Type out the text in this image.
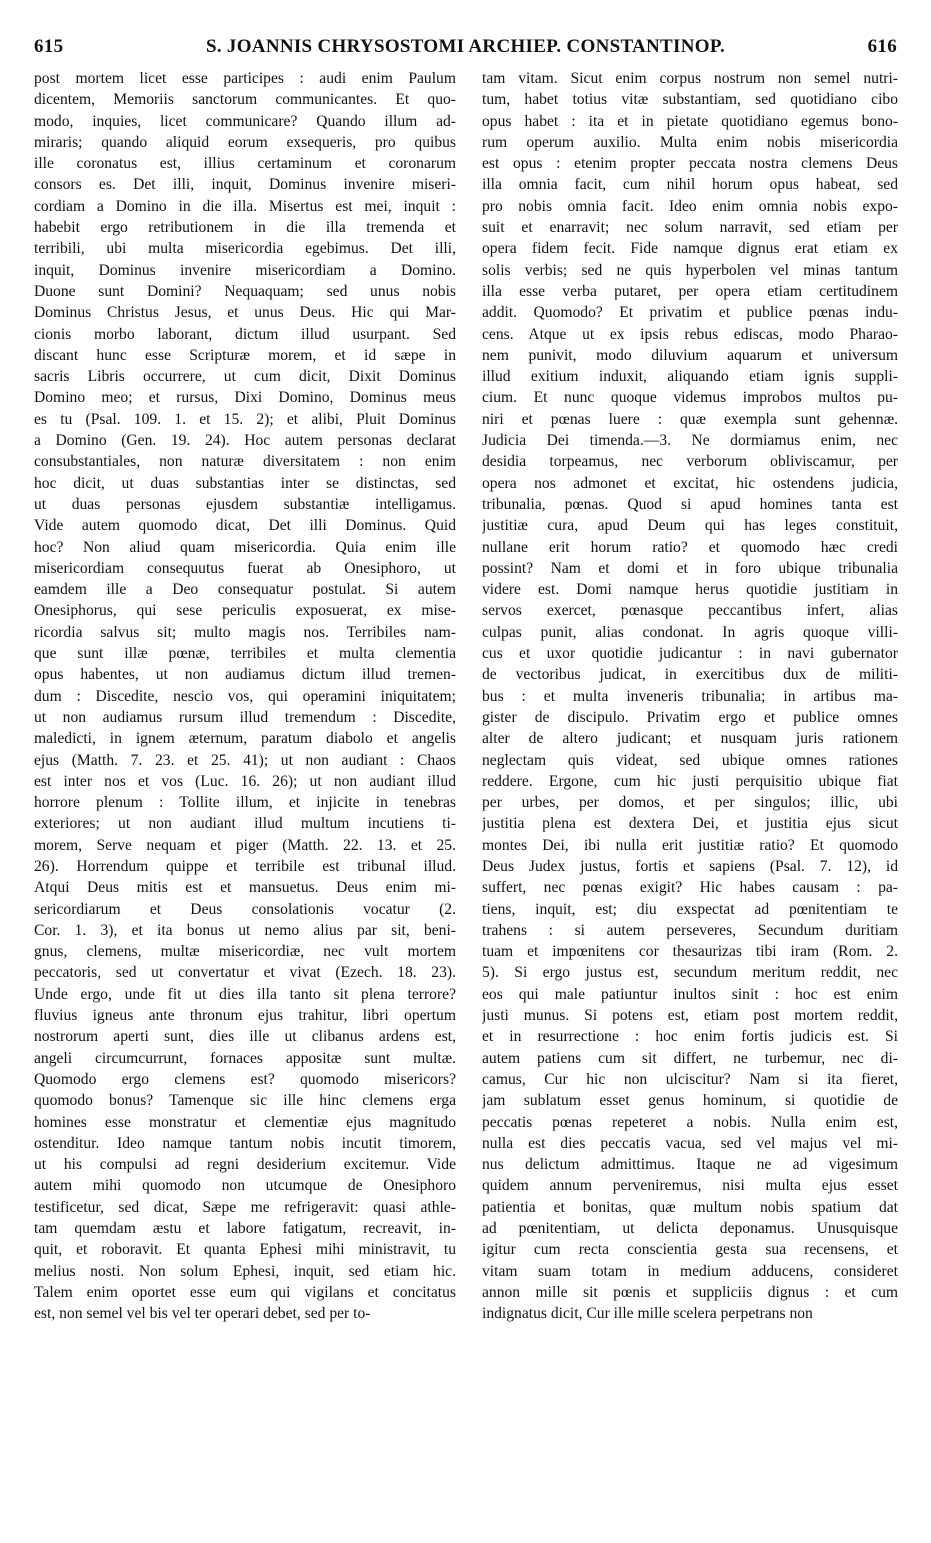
615	S. JOANNIS CHRYSOSTOMI ARCHIEP. CONSTANTINOP.	616
post mortem licet esse participes : audi enim Paulum
dicentem, Memoriis sanctorum communicantes. Et quo-
modo, inquies, licet communicare? Quando illum ad-
miraris; quando aliquid eorum exsequeris, pro quibus
ille coronatus est, illius certaminum et coronarum
consors es. Det illi, inquit, Dominus invenire miseri-
cordiam a Domino in die illa. Misertus est mei, inquit :
habebit ergo retributionem in die illa tremenda et
terribili, ubi multa misericordia egebimus. Det illi,
inquit, Dominus invenire misericordiam a Domino.
Duone sunt Domini? Nequaquam; sed unus nobis
Dominus Christus Jesus, et unus Deus. Hic qui Mar-
cionis morbo laborant, dictum illud usurpant. Sed
discant hunc esse Scripturæ morem, et id sæpe in
sacris Libris occurrere, ut cum dicit, Dixit Dominus
Domino meo; et rursus, Dixi Domino, Dominus meus
es tu (Psal. 109. 1. et 15. 2); et alibi, Pluit Dominus
a Domino (Gen. 19. 24). Hoc autem personas declarat
consubstantiales, non naturæ diversitatem : non enim
hoc dicit, ut duas substantias inter se distinctas, sed
ut duas personas ejusdem substantiæ intelligamus.
Vide autem quomodo dicat, Det illi Dominus. Quid
hoc? Non aliud quam misericordia. Quia enim ille
misericordiam consequutus fuerat ab Onesiphoro, ut
eamdem ille a Deo consequatur postulat. Si autem
Onesiphorus, qui sese periculis exposuerat, ex mise-
ricordia salvus sit; multo magis nos. Terribiles nam-
que sunt illæ pœnæ, terribiles et multa clementia
opus habentes, ut non audiamus dictum illud tremen-
dum : Discedite, nescio vos, qui operamini iniquitatem;
ut non audiamus rursum illud tremendum : Discedite,
maledicti, in ignem æternum, paratum diabolo et angelis
ejus (Matth. 7. 23. et 25. 41); ut non audiant : Chaos
est inter nos et vos (Luc. 16. 26); ut non audiant illud
horrore plenum : Tollite illum, et injicite in tenebras
exteriores; ut non audiant illud multum incutiens ti-
morem, Serve nequam et piger (Matth. 22. 13. et 25.
26). Horrendum quippe et terribile est tribunal illud.
Atqui Deus mitis est et mansuetus. Deus enim mi-
sericordiarum et Deus consolationis vocatur (2.
Cor. 1. 3), et ita bonus ut nemo alius par sit, beni-
gnus, clemens, multæ misericordiæ, nec vult mortem
peccatoris, sed ut convertatur et vivat (Ezech. 18. 23).
Unde ergo, unde fit ut dies illa tanto sit plena terrore?
fluvius igneus ante thronum ejus trahitur, libri opertum
nostrorum aperti sunt, dies ille ut clibanus ardens est,
angeli circumcurrunt, fornaces appositæ sunt multæ.
Quomodo ergo clemens est? quomodo misericors?
quomodo bonus? Tamenque sic ille hinc clemens erga
homines esse monstratur et clementiæ ejus magnitudo
ostenditur. Ideo namque tantum nobis incutit timorem,
ut his compulsi ad regni desiderium excitemur. Vide
autem mihi quomodo non utcumque de Onesiphoro
testificetur, sed dicat, Sæpe me refrigeravit: quasi athle-
tam quemdam æstu et labore fatigatum, recreavit, in-
quit, et roboravit. Et quanta Ephesi mihi ministravit, tu
melius nosti. Non solum Ephesi, inquit, sed etiam hic.
Talem enim oportet esse eum qui vigilans et concitatus
est, non semel vel bis vel ter operari debet, sed per to-
tam vitam. Sicut enim corpus nostrum non semel nutri-
tum, habet totius vitæ substantiam, sed quotidiano cibo
opus habet : ita et in pietate quotidiano egemus bono-
rum operum auxilio. Multa enim nobis misericordia
est opus : etenim propter peccata nostra clemens Deus
illa omnia facit, cum nihil horum opus habeat, sed
pro nobis omnia facit. Ideo enim omnia nobis expo-
suit et enarravit; nec solum narravit, sed etiam per
opera fidem fecit. Fide namque dignus erat etiam ex
solis verbis; sed ne quis hyperbolen vel minas tantum
illa esse verba putaret, per opera etiam certitudinem
addit. Quomodo? Et privatim et publice pœnas indu-
cens. Atque ut ex ipsis rebus ediscas, modo Pharao-
nem punivit, modo diluvium aquarum et universum
illud exitium induxit, aliquando etiam ignis suppli-
cium. Et nunc quoque videmus improbos multos pu-
niri et pœnas luere : quæ exempla sunt gehennæ.
Judicia Dei timenda.—3. Ne dormiamus enim, nec
desidia torpeamus, nec verborum obliviscamur, per
opera nos admonet et excitat, hic ostendens judicia,
tribunalia, pœnas. Quod si apud homines tanta est
justitiæ cura, apud Deum qui has leges constituit,
nullane erit horum ratio? et quomodo hæc credi
possint? Nam et domi et in foro ubique tribunalia
videre est. Domi namque herus quotidie justitiam in
servos exercet, pœnasque peccantibus infert, alias
culpas punit, alias condonat. In agris quoque villi-
cus et uxor quotidie judicantur : in navi gubernator
de vectoribus judicat, in exercitibus dux de militi-
bus : et multa inveneris tribunalia; in artibus ma-
gister de discipulo. Privatim ergo et publice omnes
alter de altero judicant; et nusquam juris rationem
neglectam quis videat, sed ubique omnes rationes
reddere. Ergone, cum hic justi perquisitio ubique fiat
per urbes, per domos, et per singulos; illic, ubi
justitia plena est dextera Dei, et justitia ejus sicut
montes Dei, ibi nulla erit justitiæ ratio? Et quomodo
Deus Judex justus, fortis et sapiens (Psal. 7. 12), id
suffert, nec pœnas exigit? Hic habes causam : pa-
tiens, inquit, est; diu exspectat ad pœnitentiam te
trahens : si autem perseveres, Secundum duritiam
tuam et impœnitens cor thesaurizas tibi iram (Rom. 2.
5). Si ergo justus est, secundum meritum reddit, nec
eos qui male patiuntur inultos sinit : hoc est enim
justi munus. Si potens est, etiam post mortem reddit,
et in resurrectione : hoc enim fortis judicis est. Si
autem patiens cum sit differt, ne turbemur, nec di-
camus, Cur hic non ulciscitur? Nam si ita fieret,
jam sublatum esset genus hominum, si quotidie de
peccatis pœnas repeteret a nobis. Nulla enim est,
nulla est dies peccatis vacua, sed vel majus vel mi-
nus delictum admittimus. Itaque ne ad vigesimum
quidem annum perveniremus, nisi multa ejus esset
patientia et bonitas, quæ multum nobis spatium dat
ad pœnitentiam, ut delicta deponamus. Unusquisque
igitur cum recta conscientia gesta sua recensens, et
vitam suam totam in medium adducens, consideret
annon mille sit pœnis et suppliciis dignus : et cum
indignatus dicit, Cur ille mille scelera perpetrans non
